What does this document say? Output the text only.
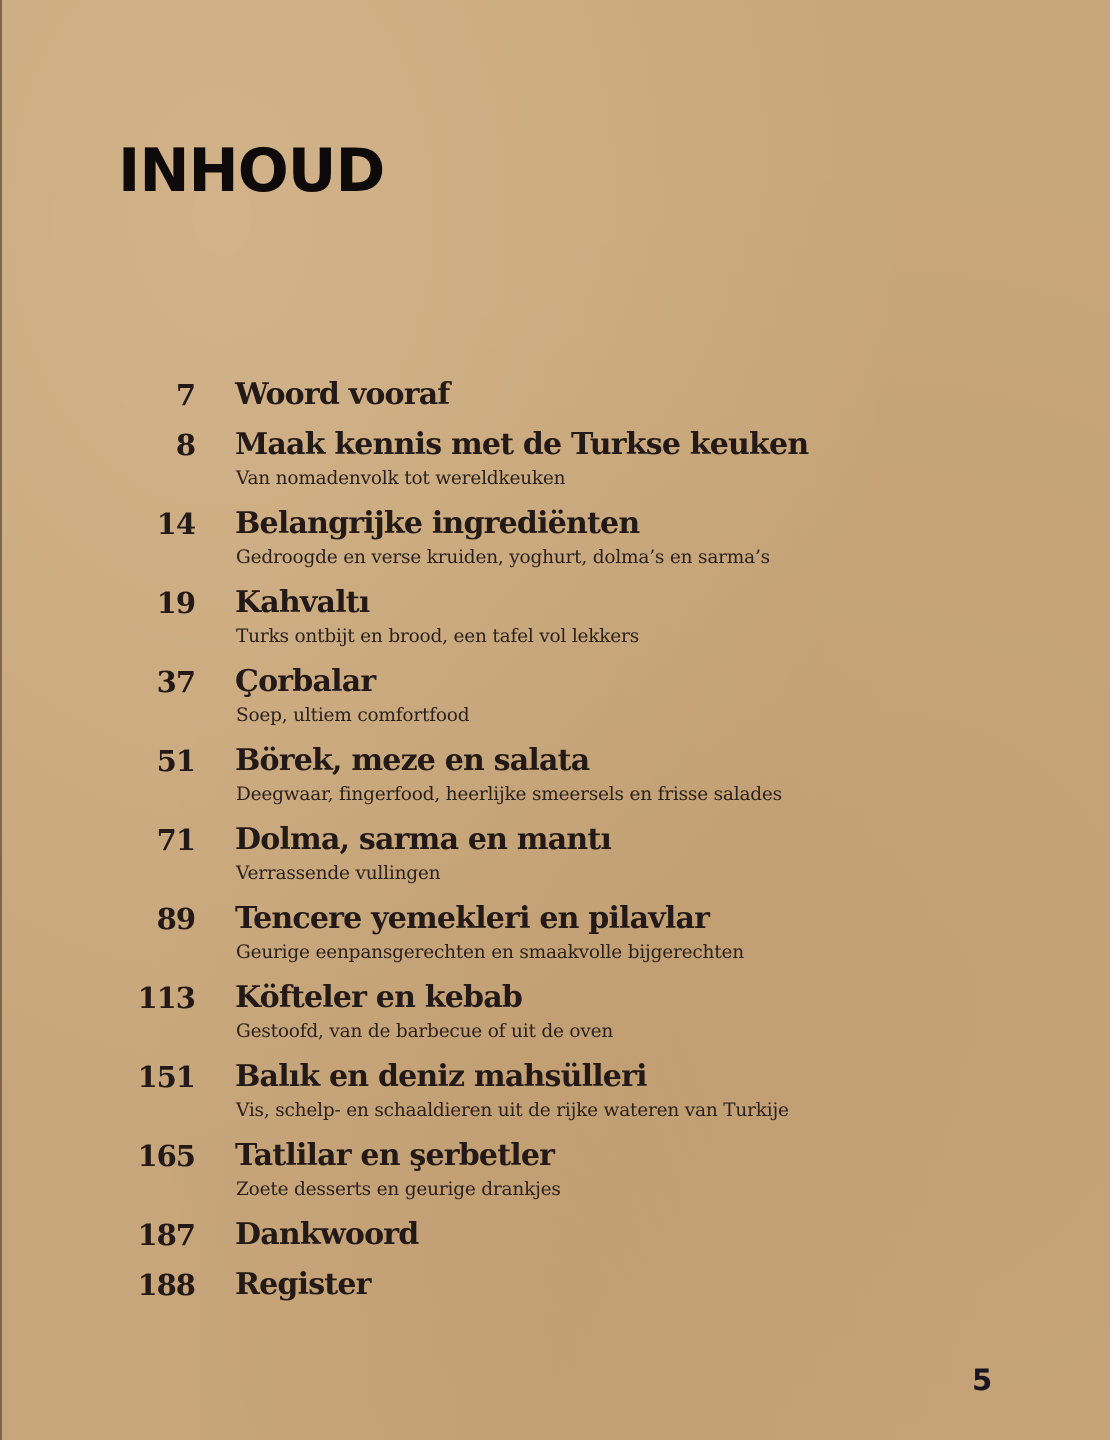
INHOUD
7 Woord vooraf
8 Maak kennis met de Turkse keuken
Van nomadenvolk tot wereldkeuken
14 Belangrijke ingrediënten
Gedroogde en verse kruiden, yoghurt, dolma’s en sarma’s
19 Kahvaltı
Turks ontbijt en brood, een tafel vol lekkers
37 Çorbalar
Soep, ultiem comfortfood
51 Börek, meze en salata
Deegwaar, fingerfood, heerlijke smeersels en frisse salades
71 Dolma, sarma en mantı
Verrassende vullingen
89 Tencere yemekleri en pilavlar
Geurige eenpansgerechten en smaakvolle bijgerechten
113 Köfteler en kebab
Gestoofd, van de barbecue of uit de oven
151 Balık en deniz mahsülleri
Vis, schelp- en schaaldieren uit de rijke wateren van Turkije
165 Tatlilar en şerbetler
Zoete desserts en geurige drankjes
187 Dankwoord
188 Register
5
